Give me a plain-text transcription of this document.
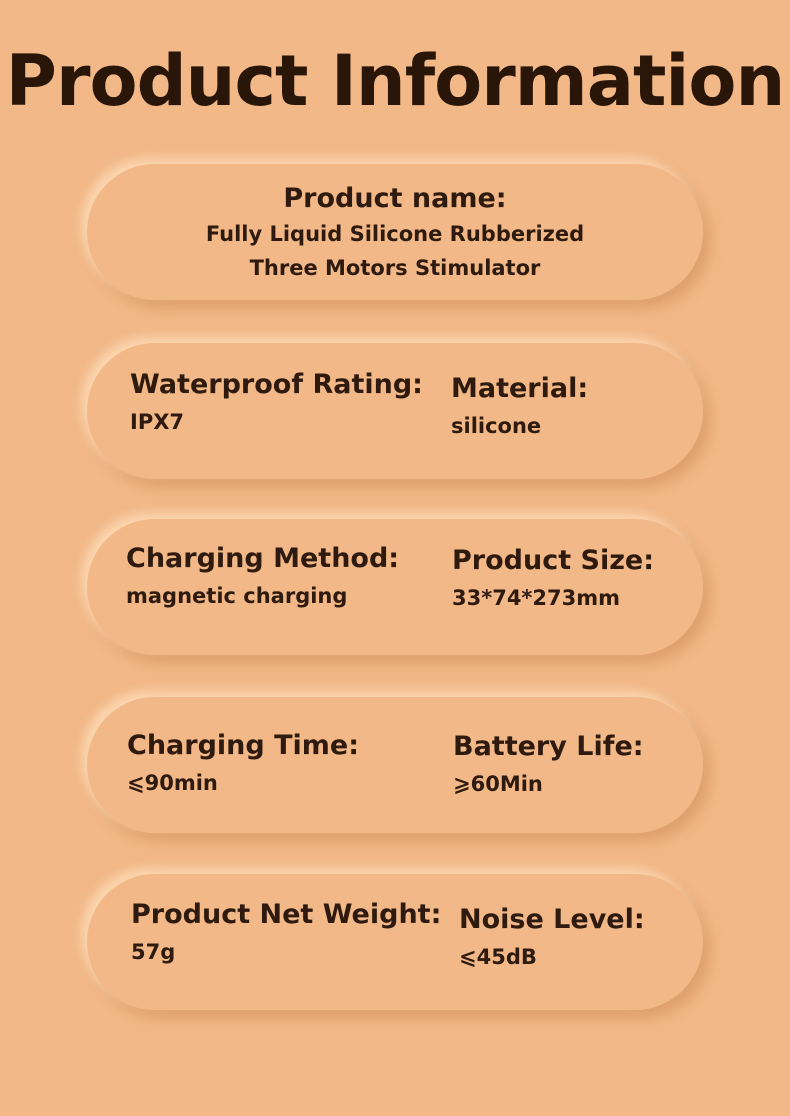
Product Information
Product name:
Fully Liquid Silicone Rubberized
Three Motors Stimulator
Waterproof Rating:
IPX7
Material:
silicone
Charging Method:
magnetic charging
Product Size:
33*74*273mm
Charging Time:
⩽90min
Battery Life:
⩾60Min
Product Net Weight:
57g
Noise Level:
⩽45dB
